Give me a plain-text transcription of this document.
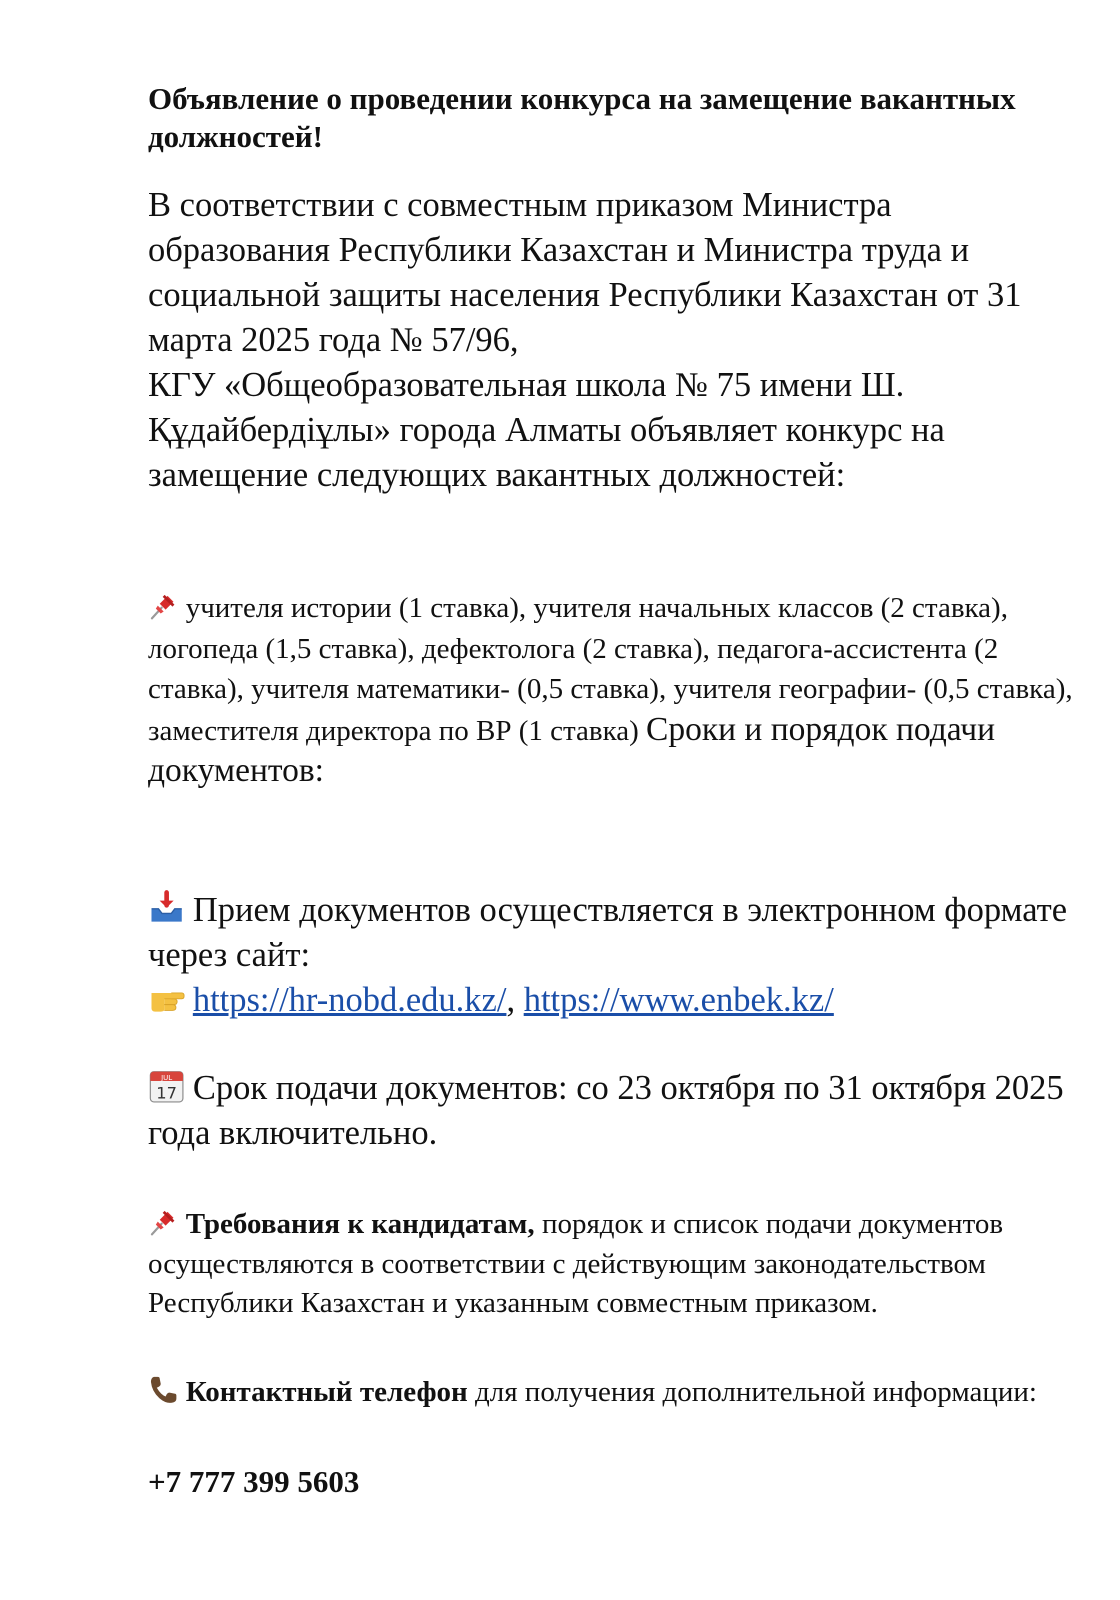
Объявление о проведении конкурса на замещение вакантных должностей!

В соответствии с совместным приказом Министра образования Республики Казахстан и Министра труда и социальной защиты населения Республики Казахстан от 31 марта 2025 года № 57/96,
КГУ «Общеобразовательная школа № 75 имени Ш. Құдайбердіұлы» города Алматы объявляет конкурс на замещение следующих вакантных должностей:
учителя истории (1 ставка), учителя начальных классов (2 ставка), логопеда (1,5 ставка), дефектолога (2 ставка), педагога-ассистента (2 ставка), учителя математики- (0,5 ставка), учителя географии- (0,5 ставка), заместителя директора по ВР (1 ставка) Сроки и порядок подачи документов:
Прием документов осуществляется в электронном формате через сайт:

https://hr-nobd.edu.kz/, https://www.enbek.kz/
JUL
17 Срок подачи документов: со 23 октября по 31 октября 2025 года включительно.
Требования к кандидатам, порядок и список подачи документов осуществляются в соответствии с действующим законодательством Республики Казахстан и указанным совместным приказом.
Контактный телефон для получения дополнительной информации:

+7 777 399 5603
